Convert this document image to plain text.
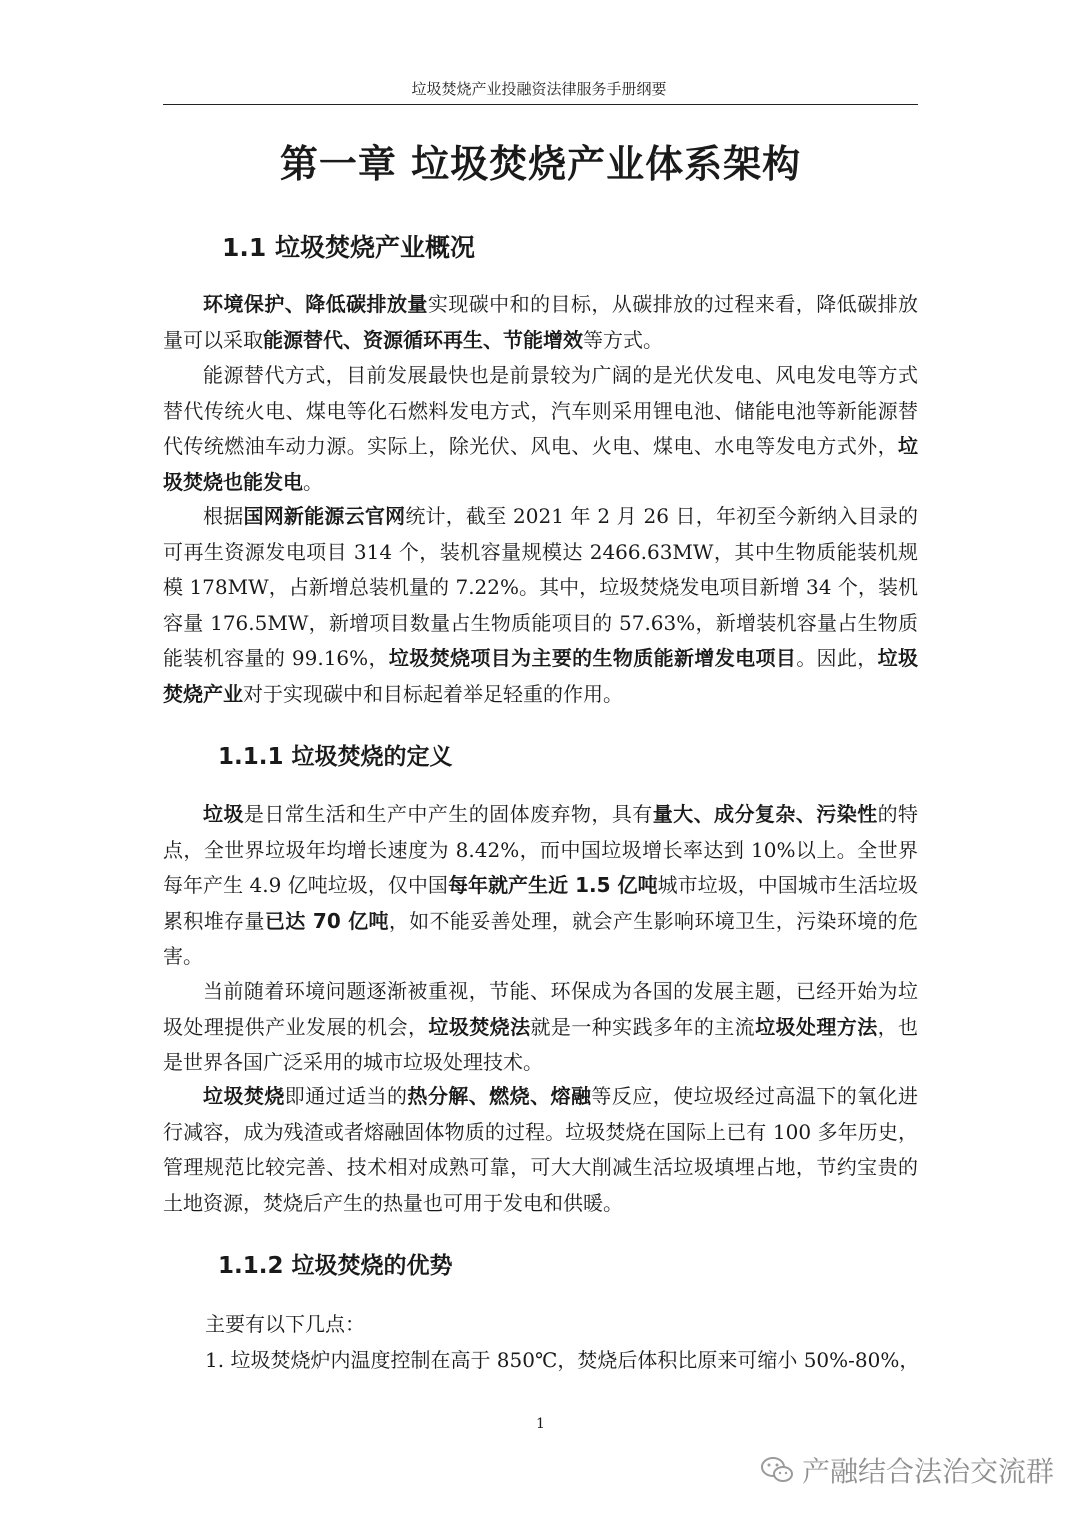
垃圾焚烧产业投融资法律服务手册纲要
第一章 垃圾焚烧产业体系架构
1.1 垃圾焚烧产业概况

环境保护、降低碳排放量实现碳中和的目标，从碳排放的过程来看，降低碳排放量可以采取能源替代、资源循环再生、节能增效等方式。

能源替代方式，目前发展最快也是前景较为广阔的是光伏发电、风电发电等方式替代传统火电、煤电等化石燃料发电方式，汽车则采用锂电池、储能电池等新能源替代传统燃油车动力源。实际上，除光伏、风电、火电、煤电、水电等发电方式外，垃圾焚烧也能发电。

根据国网新能源云官网统计，截至 2021 年 2 月 26 日，年初至今新纳入目录的可再生资源发电项目 314 个，装机容量规模达 2466.63MW，其中生物质能装机规模 178MW，占新增总装机量的 7.22%。其中，垃圾焚烧发电项目新增 34 个，装机容量 176.5MW，新增项目数量占生物质能项目的 57.63%，新增装机容量占生物质能装机容量的 99.16%，垃圾焚烧项目为主要的生物质能新增发电项目。因此，垃圾焚烧产业对于实现碳中和目标起着举足轻重的作用。

1.1.1 垃圾焚烧的定义

垃圾是日常生活和生产中产生的固体废弃物，具有量大、成分复杂、污染性的特点，全世界垃圾年均增长速度为 8.42%，而中国垃圾增长率达到 10%以上。全世界每年产生 4.9 亿吨垃圾，仅中国每年就产生近 1.5 亿吨城市垃圾，中国城市生活垃圾累积堆存量已达 70 亿吨，如不能妥善处理，就会产生影响环境卫生，污染环境的危害。

当前随着环境问题逐渐被重视，节能、环保成为各国的发展主题，已经开始为垃圾处理提供产业发展的机会，垃圾焚烧法就是一种实践多年的主流垃圾处理方法，也是世界各国广泛采用的城市垃圾处理技术。

垃圾焚烧即通过适当的热分解、燃烧、熔融等反应，使垃圾经过高温下的氧化进行减容，成为残渣或者熔融固体物质的过程。垃圾焚烧在国际上已有 100 多年历史，管理规范比较完善、技术相对成熟可靠，可大大削减生活垃圾填埋占地，节约宝贵的土地资源，焚烧后产生的热量也可用于发电和供暖。

1.1.2 垃圾焚烧的优势

主要有以下几点：

1. 垃圾焚烧炉内温度控制在高于 850℃，焚烧后体积比原来可缩小 50%-80%，

1
产融结合法治交流群
